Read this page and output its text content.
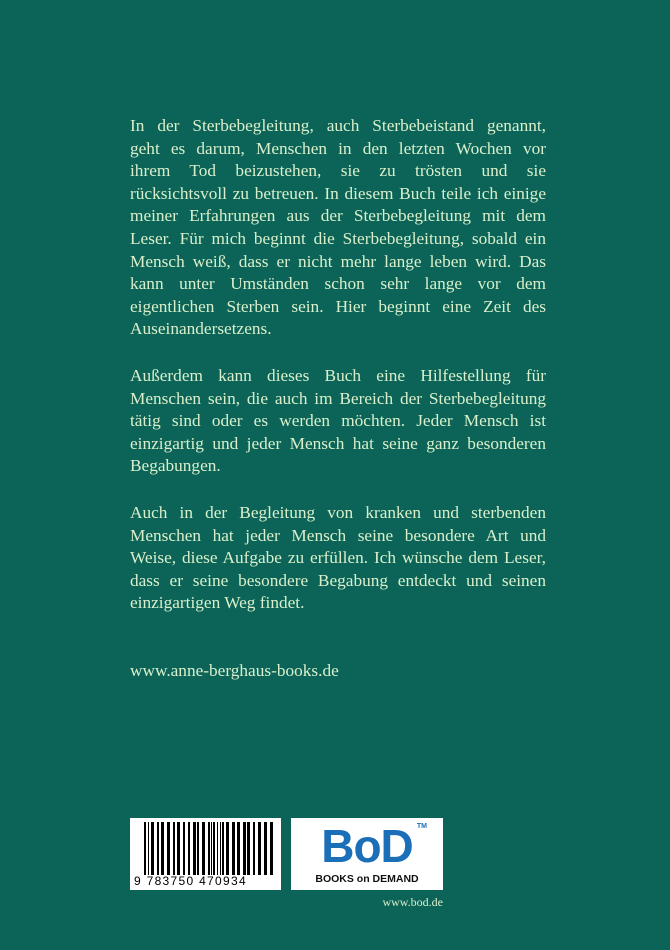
In der Sterbebegleitung, auch Sterbebeistand genannt,
geht es darum, Menschen in den letzten Wochen vor
ihrem Tod beizustehen, sie zu trösten und sie
rücksichtsvoll zu betreuen. In diesem Buch teile ich einige
meiner Erfahrungen aus der Sterbebegleitung mit dem
Leser. Für mich beginnt die Sterbebegleitung, sobald ein
Mensch weiß, dass er nicht mehr lange leben wird. Das
kann unter Umständen schon sehr lange vor dem
eigentlichen Sterben sein. Hier beginnt eine Zeit des
Auseinandersetzens.
Außerdem kann dieses Buch eine Hilfestellung für
Menschen sein, die auch im Bereich der Sterbebegleitung
tätig sind oder es werden möchten. Jeder Mensch ist
einzigartig und jeder Mensch hat seine ganz besonderen
Begabungen.
Auch in der Begleitung von kranken und sterbenden
Menschen hat jeder Mensch seine besondere Art und
Weise, diese Aufgabe zu erfüllen. Ich wünsche dem Leser,
dass er seine besondere Begabung entdeckt und seinen
einzigartigen Weg findet.
www.anne-berghaus-books.de
9 783750 470934
BoD TM
BOOKS on DEMAND
www.bod.de
